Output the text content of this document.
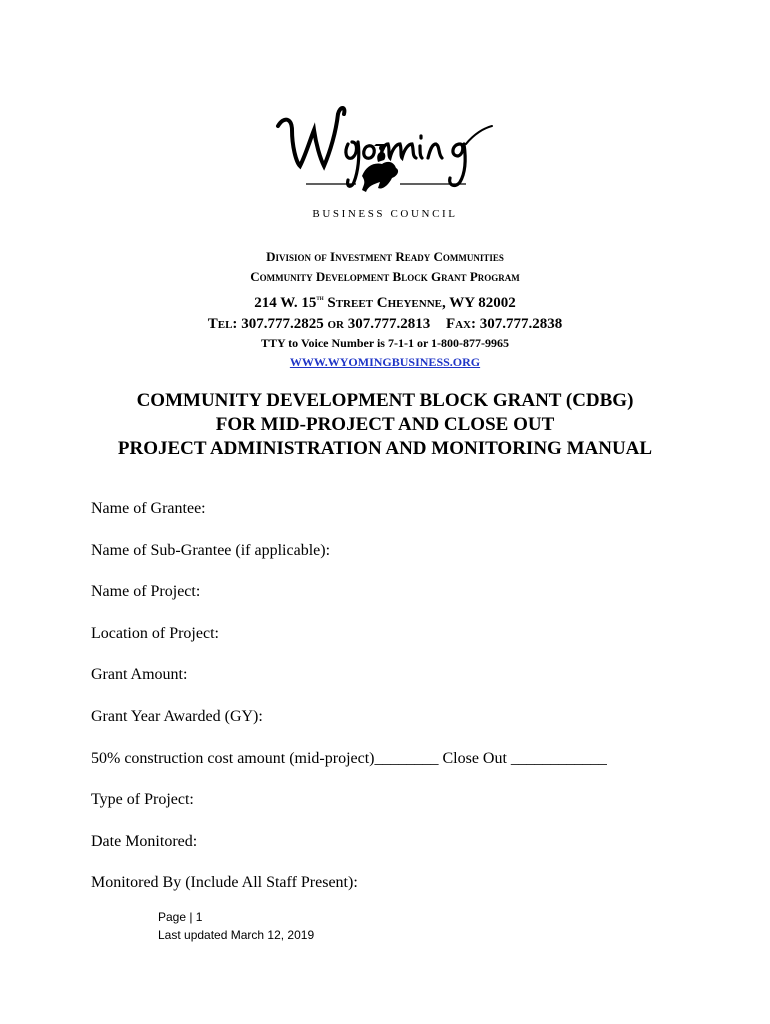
BUSINESS COUNCIL
Division of Investment Ready Communities
Community Development Block Grant Program
214 W. 15th Street Cheyenne, WY 82002
Tel: 307.777.2825 or 307.777.2813 Fax: 307.777.2838
TTY to Voice Number is 7-1-1 or 1-800-877-9965
WWW.WYOMINGBUSINESS.ORG
COMMUNITY DEVELOPMENT BLOCK GRANT (CDBG)
FOR MID-PROJECT AND CLOSE OUT
PROJECT ADMINISTRATION AND MONITORING MANUAL
Name of Grantee:
Name of Sub-Grantee (if applicable):
Name of Project:
Location of Project:
Grant Amount:
Grant Year Awarded (GY):
50% construction cost amount (mid-project)________ Close Out ____________
Type of Project:
Date Monitored:
Monitored By (Include All Staff Present):
Page | 1
Last updated March 12, 2019
